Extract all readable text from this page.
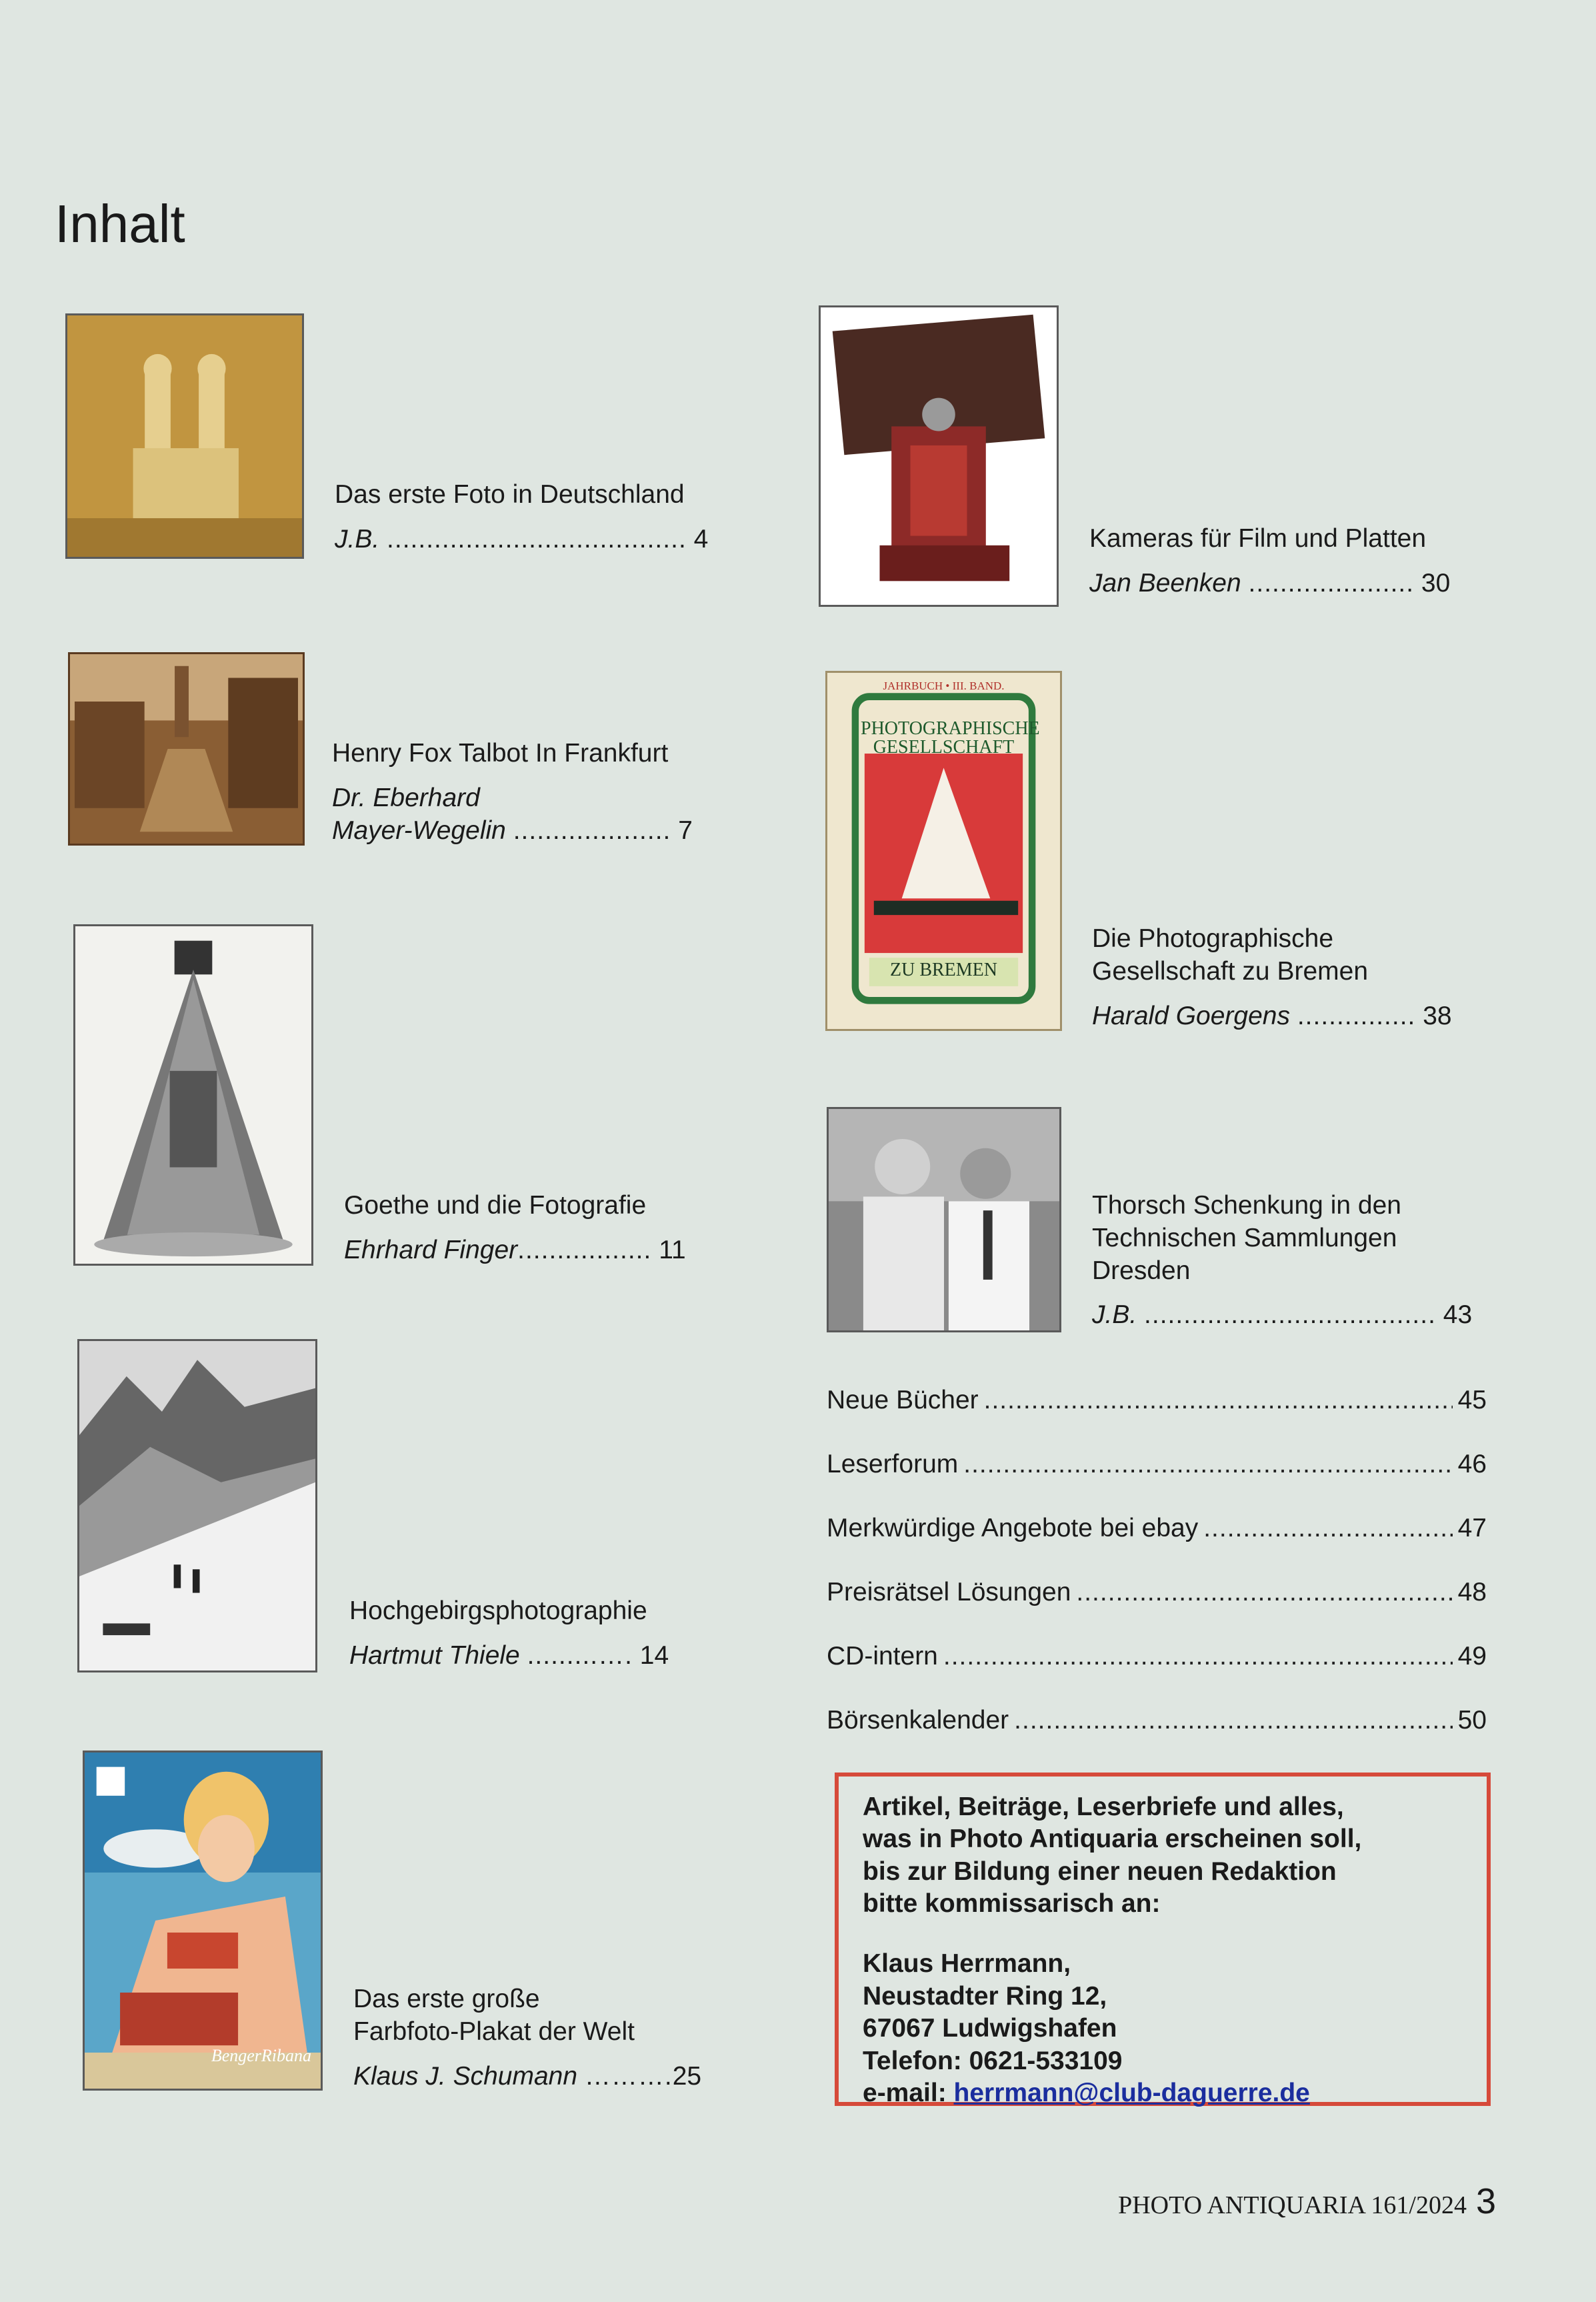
Inhalt
BengerRibana
JAHRBUCH • III. BAND.
PHOTOGRAPHISCHE GESELLSCHAFT
ZU BREMEN
Das erste Foto in Deutschland
J.B. ...................................... 4
Henry Fox Talbot In Frankfurt
Dr. Eberhard
Mayer-Wegelin .................... 7
Goethe und die Fotografie
Ehrhard Finger................. 11
Hochgebirgsphotographie
Hartmut Thiele .........…. 14
Das erste große
Farbfoto-Plakat der Welt
Klaus J. Schumann ……….25
Kameras für Film und Platten
Jan Beenken ..................... 30
Die Photographische
Gesellschaft zu Bremen
Harald Goergens ............... 38
Thorsch Schenkung in den
Technischen Sammlungen
Dresden
J.B. ..................................... 43
Neue Bücher .....	45
Leserforum .....	46
Merkwürdige Angebote bei ebay .....	47
Preisrätsel Lösungen .....	48
CD-intern .....	49
Börsenkalender .....	50

Artikel, Beiträge, Leserbriefe und alles,

was in Photo Antiquaria erscheinen soll,

bis zur Bildung einer neuen Redaktion

bitte kommissarisch an:

Klaus Herrmann,

Neustadter Ring 12,

67067 Ludwigshafen

Telefon: 0621-533109

e-mail: herrmann@club-daguerre.de

PHOTO ANTIQUARIA 161/2024 3
